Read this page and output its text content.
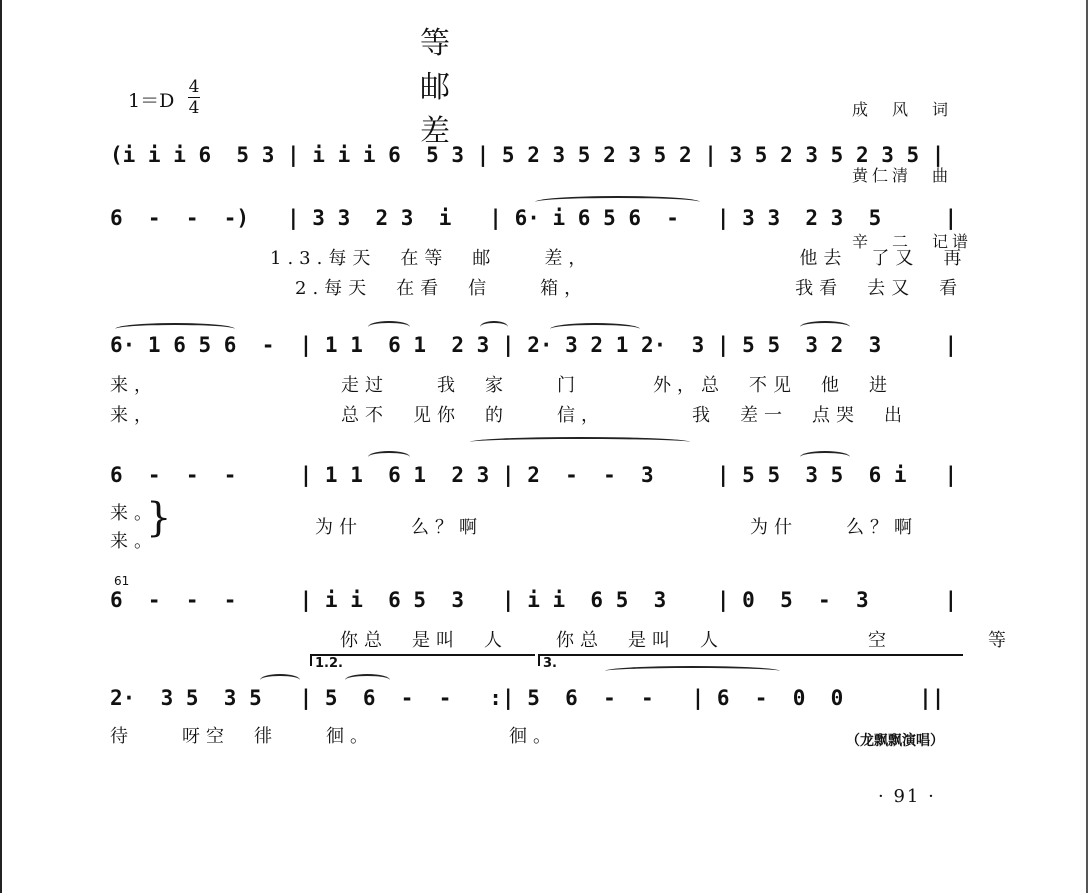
等　邮　差

成　风　词

黄仁清　曲

辛　二　记谱

1＝D
4
4
(i i i 6  5 3 | i i i 6  5 3 | 5 2 3 5 2 3 5 2 | 3 5 2 3 5 2 3 5 |
6  -  -  -)   | 3 3  2 3  i   | 6· i 6 5 6  -   | 3 3  2 3  5     |
1.3.每天　在等　邮　　差，　　　　　　　　　他去　了又　再
2.每天　在看　信　　箱，　　　　　　　　　我看　去又　看
6· 1 6 5 6  -  | 1 1  6 1  2 3 | 2· 3 2 1 2·  3 | 5 5  3 2  3     |
来，　　　　　　　　走过　　我　家　　门　　　外，总　不见　他　进
来，　　　　　　　　总不　见你　的　　信，　　　　我　差一　点哭　出
6  -  -  -     | 1 1  6 1  2 3 | 2  -  -  3     | 5 5  3 5  6 i   |
来。
来。
}	为什　　么？啊	为什　　么？啊
61
6  -  -  -     | i i  6 5  3   | i i  6 5  3    | 0  5  -  3      |
你总　是叫　人　　你总　是叫　人　　　　　　空　　　　等
1.2.	3.
2·  3 5  3 5   | 5  6  -  -   :| 5  6  -  -   | 6  -  0  0      ||
待　　呀空　徘　　徊。　　　　　　徊。	（龙飘飘演唱）
· 91 ·
